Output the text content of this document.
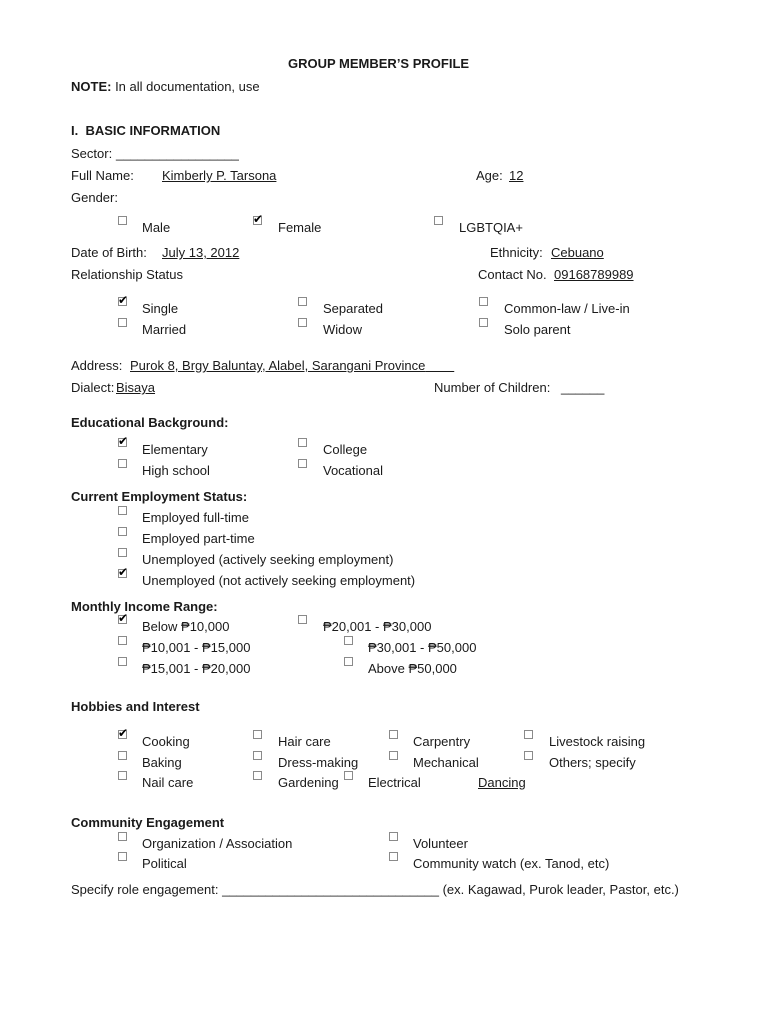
GROUP MEMBER’S PROFILE
NOTE: In all documentation, use
I.  BASIC INFORMATION
Sector: _________________
Full Name: Kimberly P. Tarsona	Age: 12
Gender:
Male
✔
Female	LGBTQIA+
Date of Birth: July 13, 2012	Ethnicity: Cebuano
Relationship Status	Contact No. 09168789989
✔
Single	Separated	Common-law / Live-in
Married	Widow	Solo parent
Address: Purok 8, Brgy Baluntay, Alabel, Sarangani Province
Dialect: Bisaya	Number of Children: ______
Educational Background:
✔
Elementary	College
High school	Vocational
Current Employment Status:
Employed full-time
Employed part-time
Unemployed (actively seeking employment)
✔
Unemployed (not actively seeking employment)
Monthly Income Range:
✔
Below ₱10,000	₱20,001 - ₱30,000
₱10,001 - ₱15,000	₱30,001 - ₱50,000
₱15,001 - ₱20,000	Above ₱50,000
Hobbies and Interest
✔
Cooking	Hair care	Carpentry	Livestock raising
Baking	Dress-making	Mechanical	Others; specify
Nail care	Gardening Electrical	Dancing
Community Engagement
Organization / Association	Volunteer
Political	Community watch (ex. Tanod, etc)
Specify role engagement: ______________________________ (ex. Kagawad, Purok leader, Pastor, etc.)
